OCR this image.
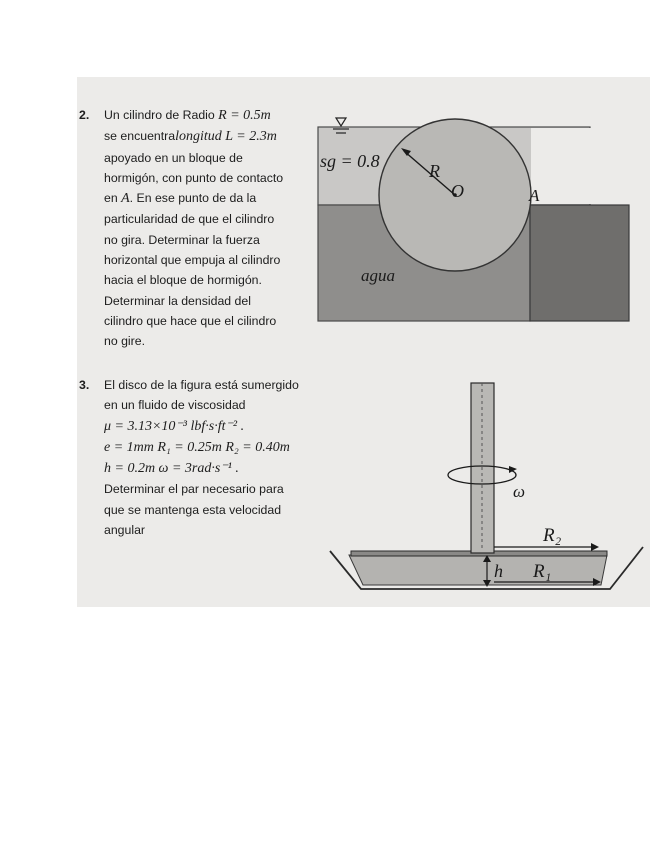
2. Un cilindro de Radio R = 0.5m
se encuentralongitud L = 2.3m
apoyado en un bloque de
hormigón, con punto de contacto
en A. En ese punto de da la
particularidad de que el cilindro
no gira. Determinar la fuerza
horizontal que empuja al cilindro
hacia el bloque de hormigón.
Determinar la densidad del
cilindro que hace que el cilindro
no gire.
3. El disco de la figura está sumergido
en un fluido de viscosidad
μ = 3.13×10⁻³ lbf·s·ft⁻² .
e = 1mm R₁ = 0.25m R₂ = 0.40m
h = 0.2m ω = 3rad·s⁻¹ .
Determinar el par necesario para
que se mantenga esta velocidad
angular
sg = 0.8	R
O	A
agua
ω
R₂
R₁
h
